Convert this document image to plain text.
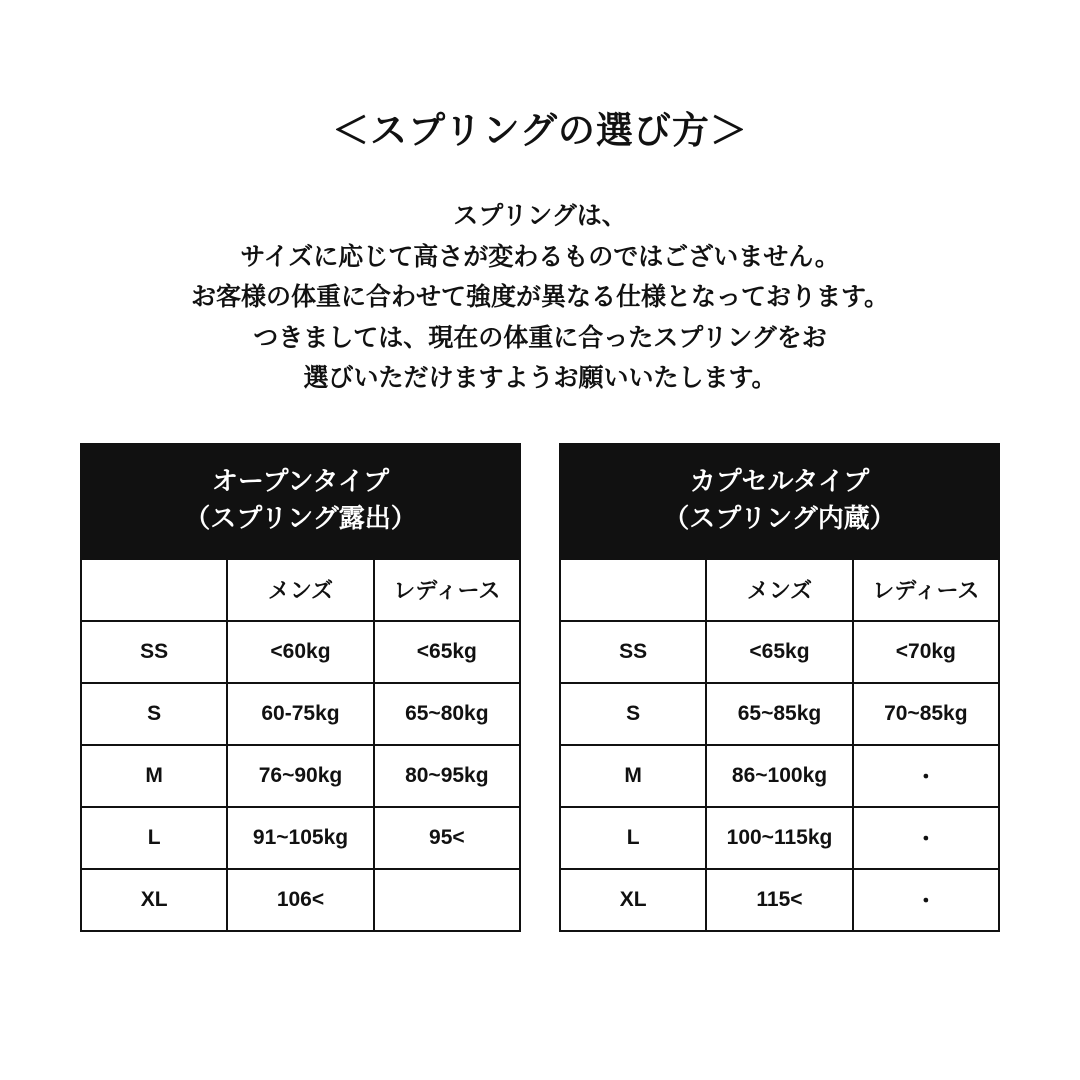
＜スプリングの選び方＞
スプリングは、
サイズに応じて高さが変わるものではございません。
お客様の体重に合わせて強度が異なる仕様となっております。
つきましては、現在の体重に合ったスプリングをお
選びいただけますようお願いいたします。
オープンタイプ
（スプリング露出）		

	メンズ	レディース
SS	<60kg	<65kg
S	60-75kg	65~80kg
M	76~90kg	80~95kg
L	91~105kg	95<
XL	106<	
カプセルタイプ
（スプリング内蔵）		

	メンズ	レディース
SS	<65kg	<70kg
S	65~85kg	70~85kg
M	86~100kg	・
L	100~115kg	・
XL	115<	・
